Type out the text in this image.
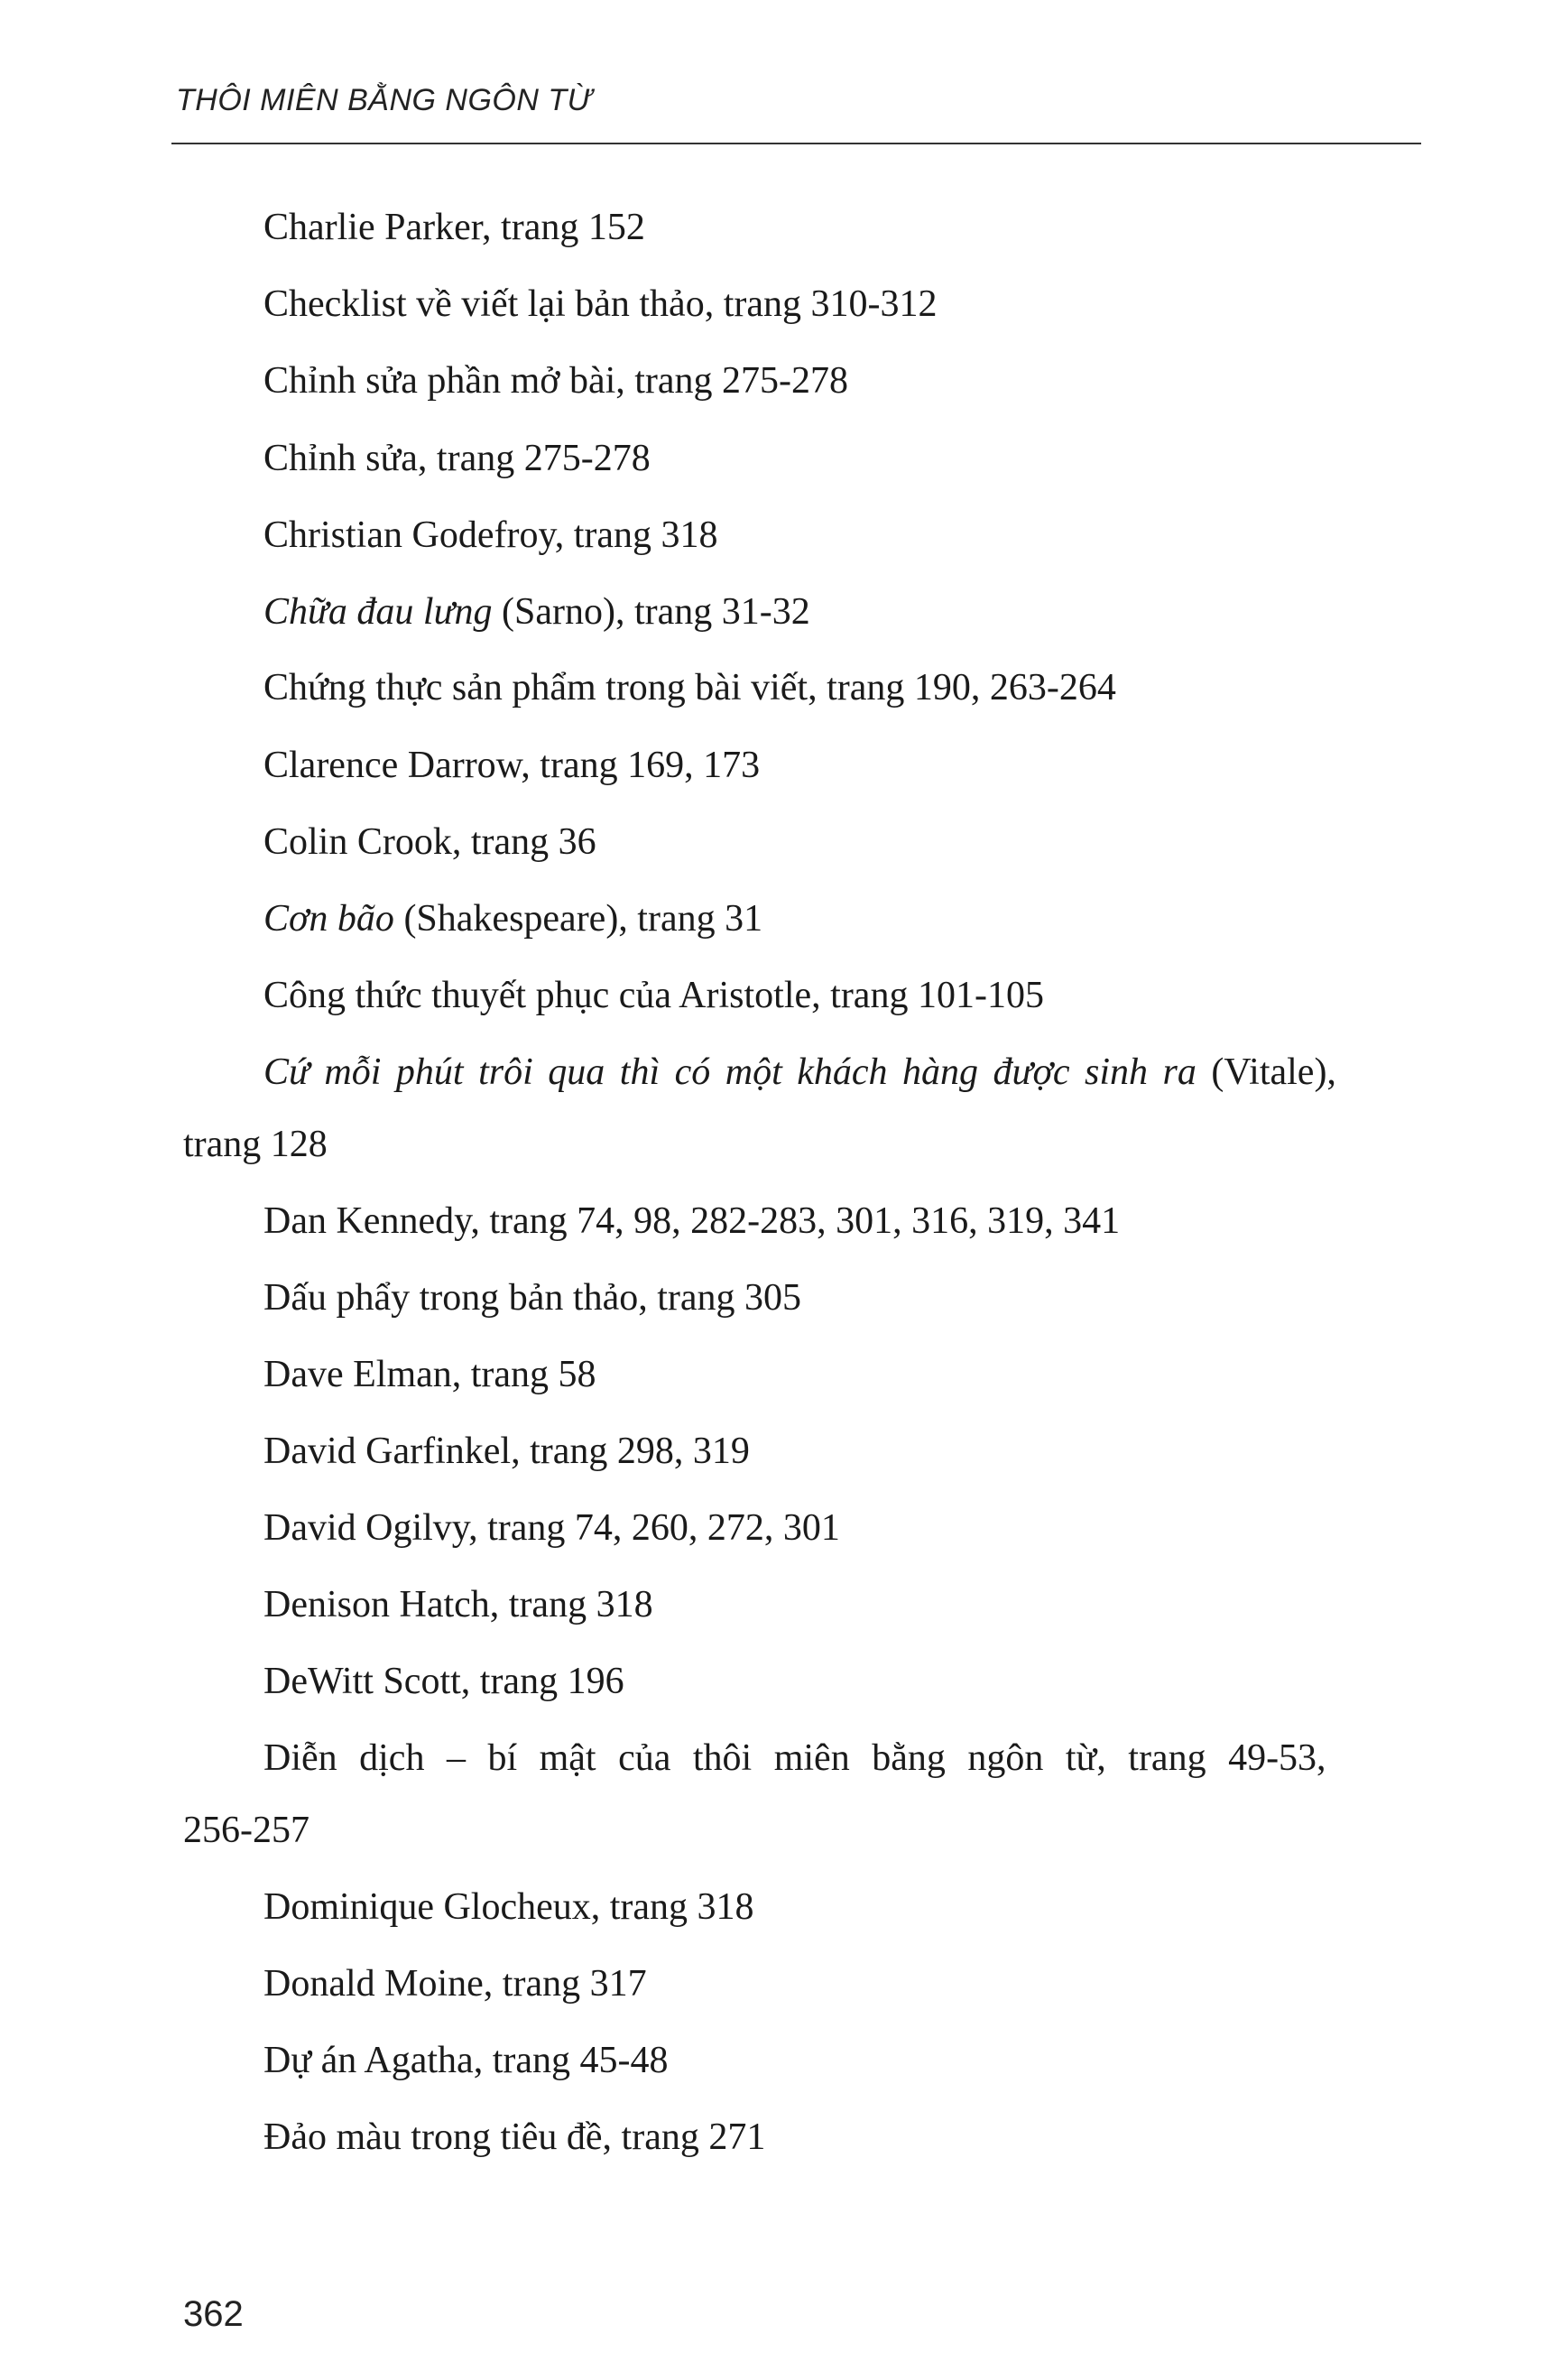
THÔI MIÊN BẰNG NGÔN TỪ
Charlie Parker, trang 152
Checklist về viết lại bản thảo, trang 310-312
Chỉnh sửa phần mở bài, trang 275-278
Chỉnh sửa, trang 275-278
Christian Godefroy, trang 318
Chữa đau lưng (Sarno), trang 31-32
Chứng thực sản phẩm trong bài viết, trang 190, 263-264
Clarence Darrow, trang 169, 173
Colin Crook, trang 36
Cơn bão (Shakespeare), trang 31
Công thức thuyết phục của Aristotle, trang 101-105
Cứ mỗi phút trôi qua thì có một khách hàng được sinh ra (Vitale),
trang 128
Dan Kennedy, trang 74, 98, 282-283, 301, 316, 319, 341
Dấu phẩy trong bản thảo, trang 305
Dave Elman, trang 58
David Garfinkel, trang 298, 319
David Ogilvy, trang 74, 260, 272, 301
Denison Hatch, trang 318
DeWitt Scott, trang 196
Diễn dịch – bí mật của thôi miên bằng ngôn từ, trang 49-53,
256-257
Dominique Glocheux, trang 318
Donald Moine, trang 317
Dự án Agatha, trang 45-48
Đảo màu trong tiêu đề, trang 271
362
